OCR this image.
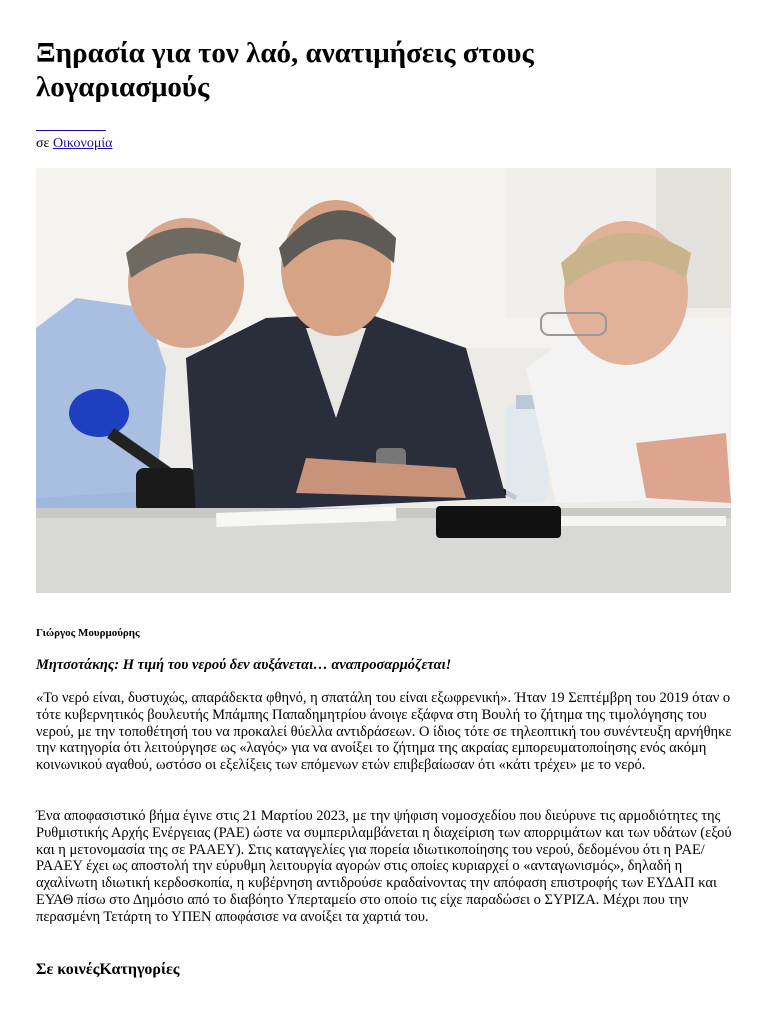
Ξηρασία για τον λαό, ανατιμήσεις στους λογαριασμούς
σε Οικονομία
Γιώργος Μουρμούρης
Μητσοτάκης: Η τιμή του νερού δεν αυξάνεται… αναπροσαρμόζεται!

«Το νερό είναι, δυστυχώς, απαράδεκτα φθηνό, η σπατάλη του είναι εξωφρενική». Ήταν 19 Σεπτέμβρη του 2019 όταν ο τότε κυβερνητικός βουλευτής Μπάμπης Παπαδημητρίου άνοιγε εξάφνα στη Βουλή το ζήτημα της τιμολόγησης του νερού, με την τοποθέτησή του να προκαλεί θύελλα αντιδράσεων. Ο ίδιος τότε σε τηλεοπτική του συνέντευξη αρνήθηκε την κατηγορία ότι λειτούργησε ως «λαγός» για να ανοίξει το ζήτημα της ακραίας εμπορευματοποίησης ενός ακόμη κοινωνικού αγαθού, ωστόσο οι εξελίξεις των επόμενων ετών επιβεβαίωσαν ότι «κάτι τρέχει» με το νερό.

Ένα αποφασιστικό βήμα έγινε στις 21 Μαρτίου 2023, με την ψήφιση νομοσχεδίου που διεύρυνε τις αρμοδιότητες της Ρυθμιστικής Αρχής Ενέργειας (ΡΑΕ) ώστε να συμπεριλαμβάνεται η διαχείριση των απορριμάτων και των υδάτων (εξού και η μετονομασία της σε ΡΑΑΕΥ). Στις καταγγελίες για πορεία ιδιωτικοποίησης του νερού, δεδομένου ότι η ΡΑΕ/ΡΑΑΕΥ έχει ως αποστολή την εύρυθμη λειτουργία αγορών στις οποίες κυριαρχεί ο «ανταγωνισμός», δηλαδή η αχαλίνωτη ιδιωτική κερδοσκοπία, η κυβέρνηση αντιδρούσε κραδαίνοντας την απόφαση επιστροφής των ΕΥΔΑΠ και ΕΥΑΘ πίσω στο Δημόσιο από το διαβόητο Υπερταμείο στο οποίο τις είχε παραδώσει ο ΣΥΡΙΖΑ. Μέχρι που την περασμένη Τετάρτη το ΥΠΕΝ αποφάσισε να ανοίξει τα χαρτιά του.

Σε κοινέςΚατηγορίες
